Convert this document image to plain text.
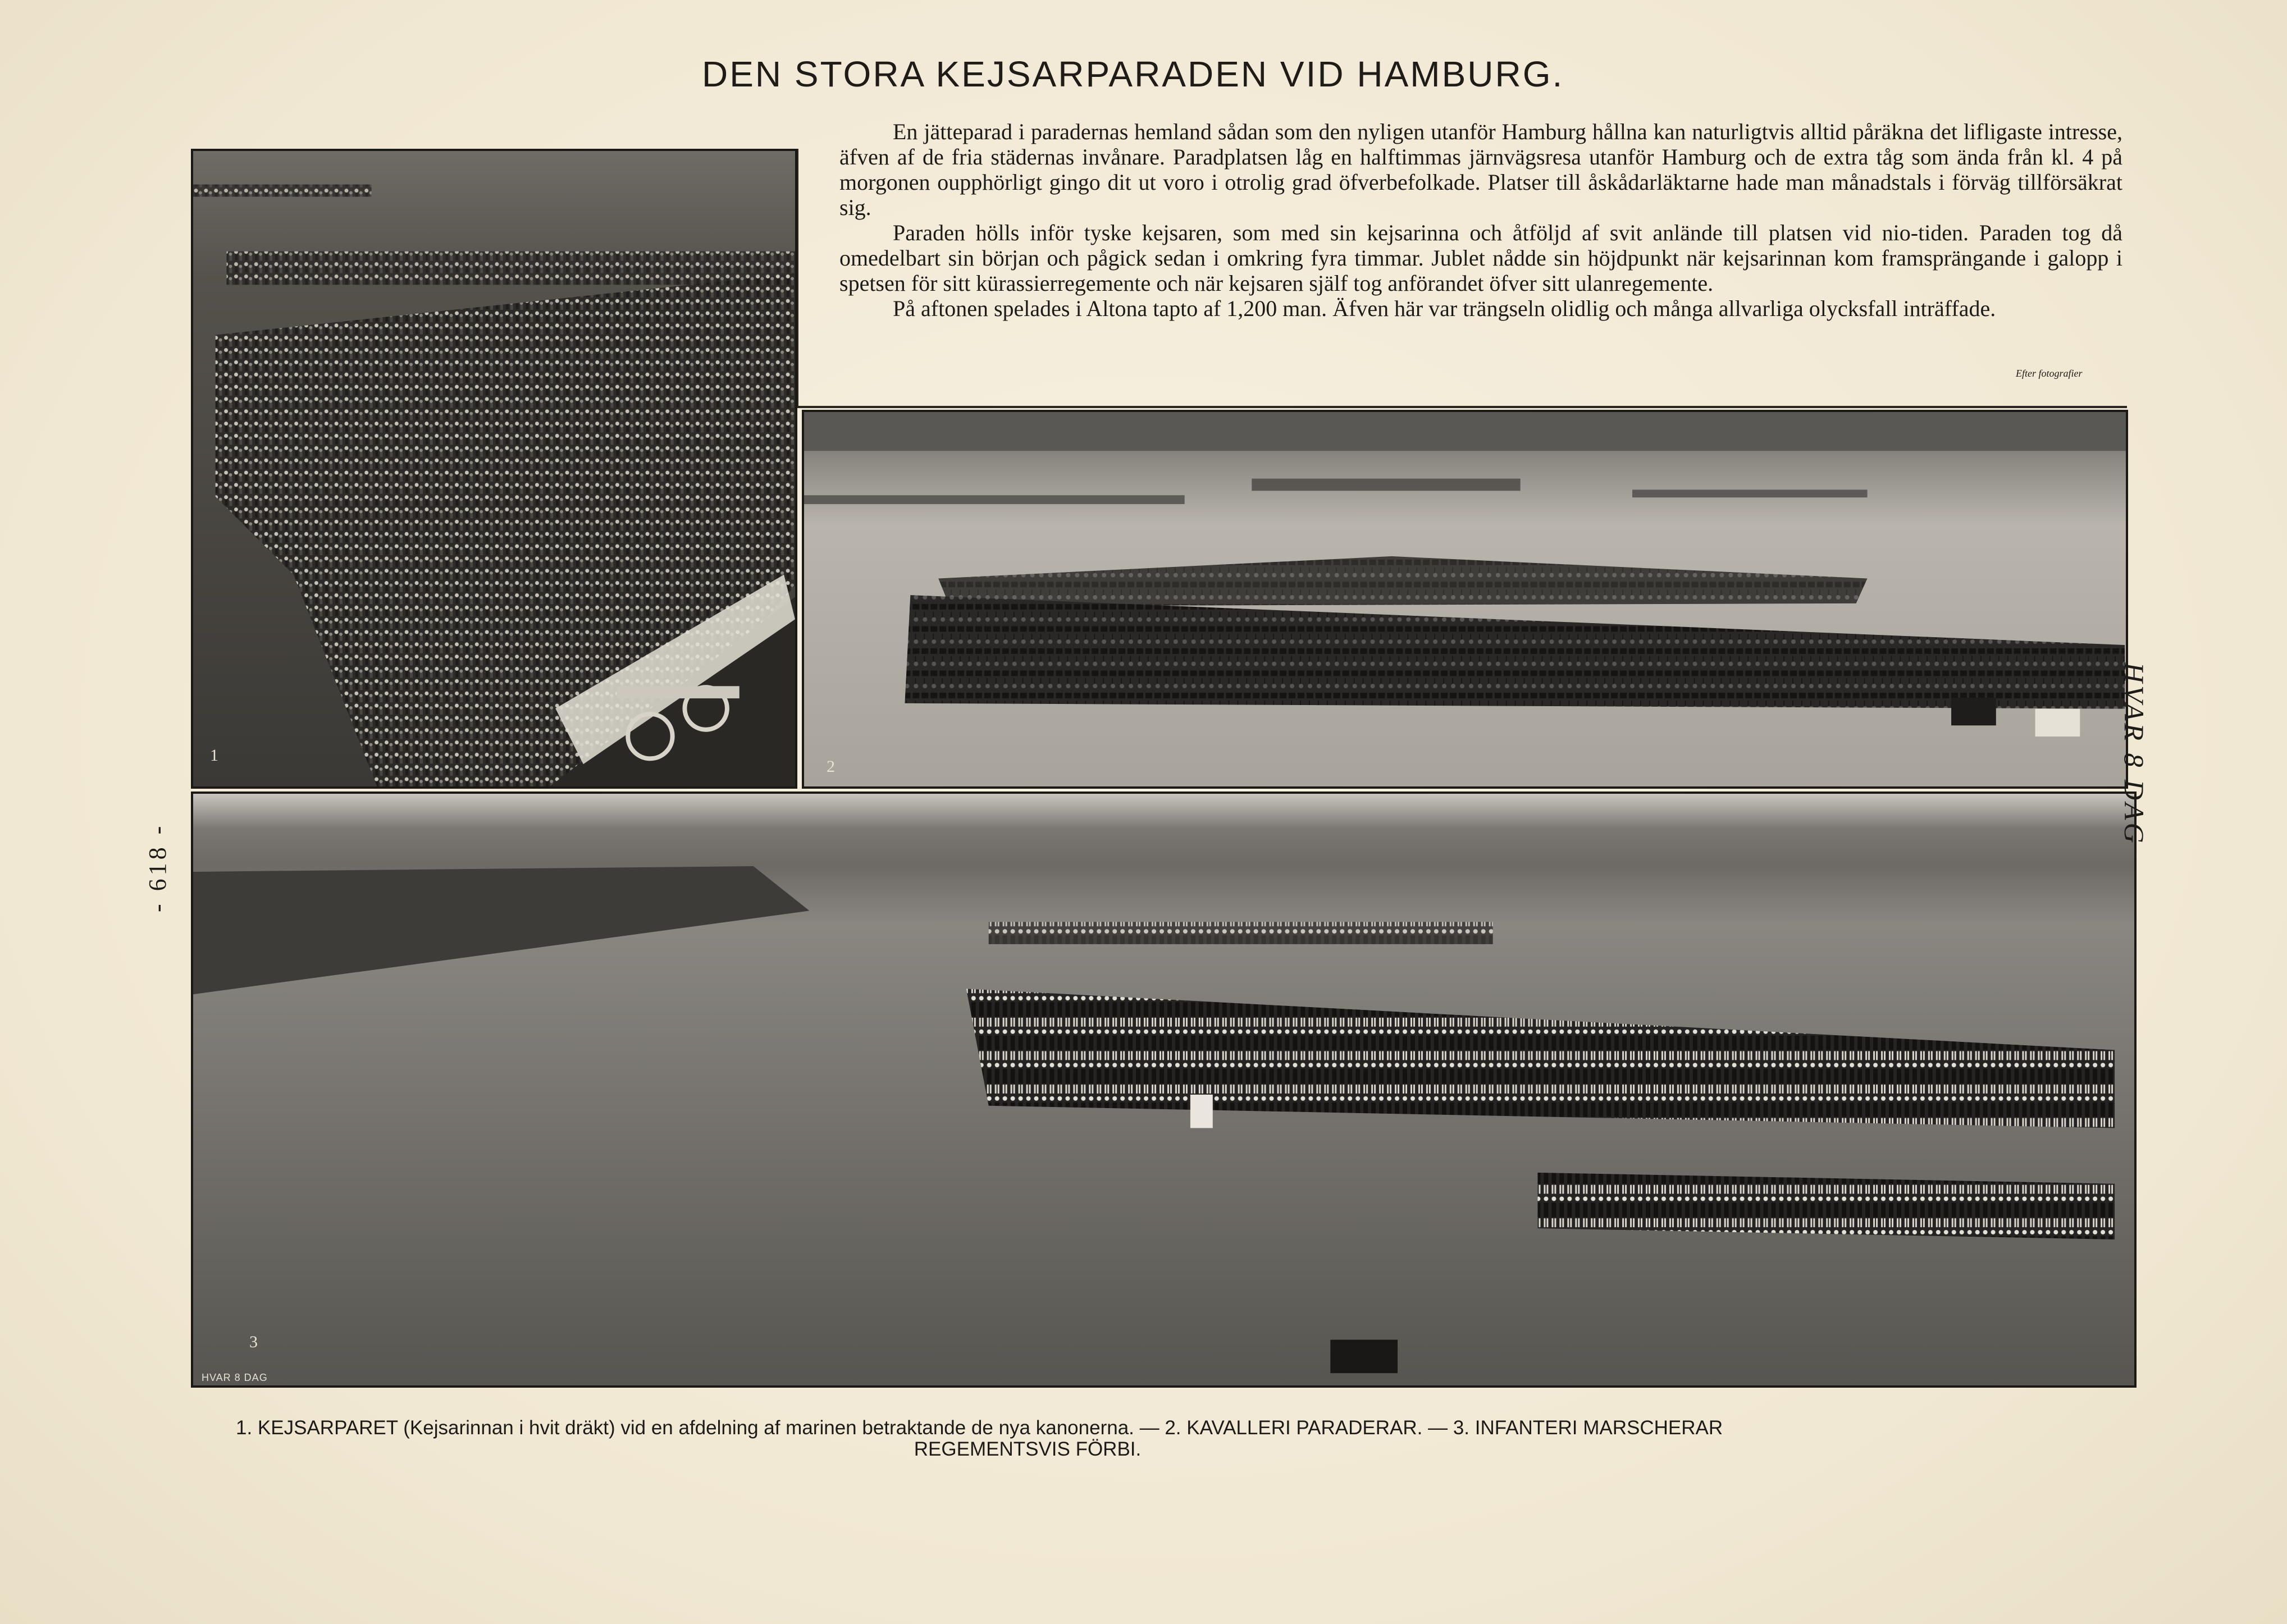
DEN STORA KEJSARPARADEN VID HAMBURG.

En jätteparad i paradernas hemland sådan som den nyligen utanför Hamburg hållna kan naturligtvis alltid påräkna det lifligaste intresse, äfven af de fria städernas invånare. Paradplatsen låg en halftimmas järnvägsresa utanför Hamburg och de extra tåg som ända från kl. 4 på morgonen oupphörligt gingo dit ut voro i otrolig grad öfverbefolkade. Platser till åskådarläktarne hade man månadstals i förväg tillförsäkrat sig.

Paraden hölls inför tyske kejsaren, som med sin kejsarinna och åtföljd af svit anlände till platsen vid nio-tiden. Paraden tog då omedelbart sin början och pågick sedan i omkring fyra timmar. Jublet nådde sin höjdpunkt när kejsarinnan kom framsprängande i galopp i spetsen för sitt kürassierregemente och när kejsaren själf tog anförandet öfver sitt ulanregemente.

På aftonen spelades i Altona tapto af 1,200 man. Äfven här var trängseln olidlig och många allvarliga olycksfall inträffade.

Efter fotografier
1
2
3
HVAR 8 DAG
HVAR 8 DAG
- 618 -
1. KEJSARPARET (Kejsarinnan i hvit dräkt) vid en afdelning af marinen betraktande de nya kanonerna. — 2. KAVALLERI PARADERAR. — 3. INFANTERI MARSCHERAR
REGEMENTSVIS FÖRBI.
